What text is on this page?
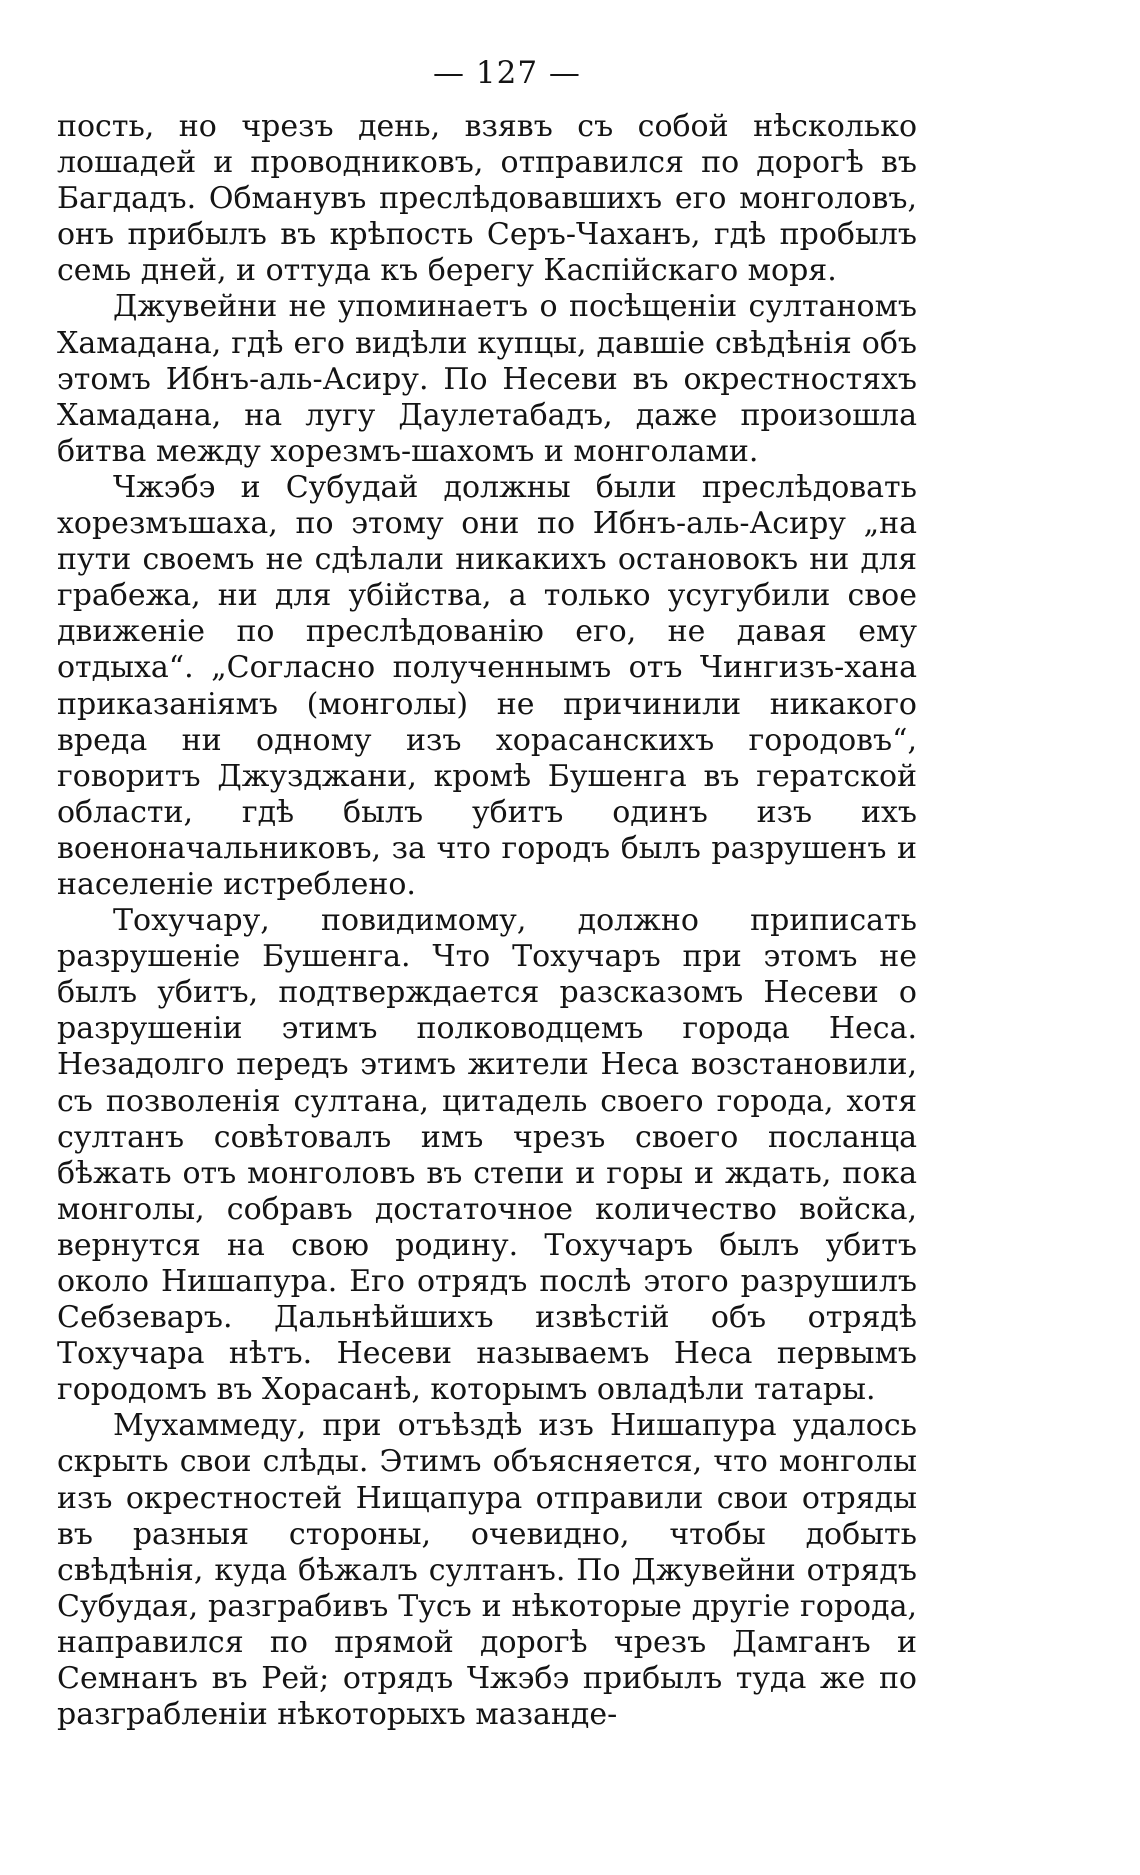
— 127 —

пость, но чрезъ день, взявъ съ собой нѣсколько лошадей и проводниковъ, отправился по дорогѣ въ Багдадъ. Обманувъ преслѣдовавшихъ его монголовъ, онъ прибылъ въ крѣпость Серъ-Чаханъ, гдѣ пробылъ семь дней, и оттуда къ берегу Каспійскаго моря.

Джувейни не упоминаетъ о посѣщеніи султаномъ Хамадана, гдѣ его видѣли купцы, давшіе свѣдѣнія объ этомъ Ибнъ-аль-Асиру. По Несеви въ окрестностяхъ Хамадана, на лугу Даулетабадъ, даже произошла битва между хорезмъ-шахомъ и монголами.

Чжэбэ и Субудай должны были преслѣдовать хорезмъшаха, по этому они по Ибнъ-аль-Асиру „на пути своемъ не сдѣлали никакихъ остановокъ ни для грабежа, ни для убійства, а только усугубили свое движеніе по преслѣдованію его, не давая ему отдыха“. „Согласно полученнымъ отъ Чингизъ-хана приказаніямъ (монголы) не причинили никакого вреда ни одному изъ хорасанскихъ городовъ“, говоритъ Джузджани, кромѣ Бушенга въ гератской области, гдѣ былъ убитъ одинъ изъ ихъ военоначальниковъ, за что городъ былъ разрушенъ и населеніе истреблено.

Тохучару, повидимому, должно приписать разрушеніе Бушенга. Что Тохучаръ при этомъ не былъ убитъ, подтверждается разсказомъ Несеви о разрушеніи этимъ полководцемъ города Неса. Незадолго передъ этимъ жители Неса возстановили, съ позволенія султана, цитадель своего города, хотя султанъ совѣтовалъ имъ чрезъ своего посланца бѣжать отъ монголовъ въ степи и горы и ждать, пока монголы, собравъ достаточное количество войска, вернутся на свою родину. Тохучаръ былъ убитъ около Нишапура. Его отрядъ послѣ этого разрушилъ Себзеваръ. Дальнѣйшихъ извѣстій объ отрядѣ Тохучара нѣтъ. Несеви называемъ Неса первымъ городомъ въ Хорасанѣ, которымъ овладѣли татары.

Мухаммеду, при отъѣздѣ изъ Нишапура удалось скрыть свои слѣды. Этимъ объясняется, что монголы изъ окрестностей Нищапура отправили свои отряды въ разныя стороны, очевидно, чтобы добыть свѣдѣнія, куда бѣжалъ султанъ. По Джувейни отрядъ Субудая, разграбивъ Тусъ и нѣкоторые другіе города, направился по прямой дорогѣ чрезъ Дамганъ и Семнанъ въ Рей; отрядъ Чжэбэ прибылъ туда же по разграбленіи нѣкоторыхъ мазанде-
